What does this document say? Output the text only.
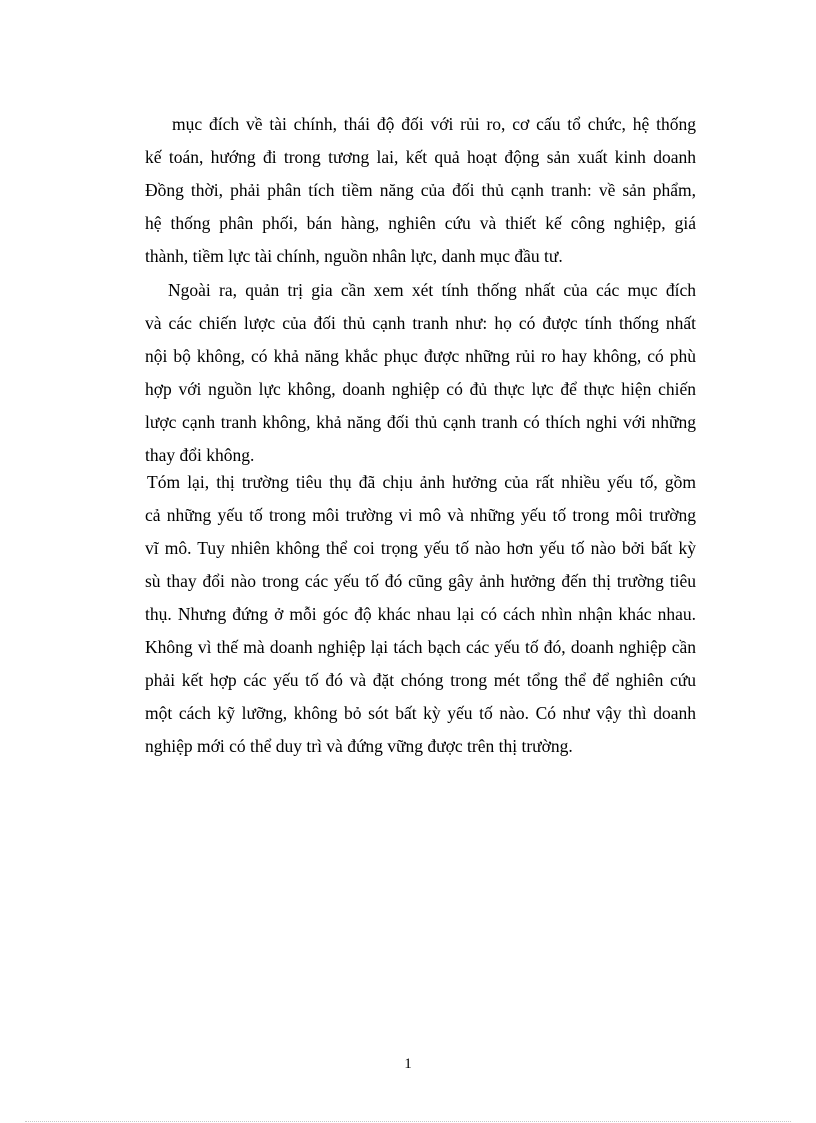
mục đích về tài chính, thái độ đối với rủi ro, cơ cấu tổ chức, hệ thống
kế toán, hướng đi trong tương lai, kết quả hoạt động sản xuất kinh doanh
Đồng thời, phải phân tích tiềm năng của đối thủ cạnh tranh: về sản phẩm,
hệ thống phân phối, bán hàng, nghiên cứu và thiết kế công nghiệp, giá
thành, tiềm lực tài chính, nguồn nhân lực, danh mục đầu tư.
Ngoài ra, quản trị gia cần xem xét tính thống nhất của các mục đích
và các chiến lược của đối thủ cạnh tranh như: họ có được tính thống nhất
nội bộ không, có khả năng khắc phục được những rủi ro hay không, có phù
hợp với nguồn lực không, doanh nghiệp có đủ thực lực để thực hiện chiến
lược cạnh tranh không, khả năng đối thủ cạnh tranh có thích nghi với những
thay đổi không.
Tóm lại, thị trường tiêu thụ đã chịu ảnh hưởng của rất nhiều yếu tố, gồm
cả những yếu tố trong môi trường vi mô và những yếu tố trong môi trường
vĩ mô. Tuy nhiên không thể coi trọng yếu tố nào hơn yếu tố nào bởi bất kỳ
sù thay đổi nào trong các yếu tố đó cũng gây ảnh hưởng đến thị trường tiêu
thụ. Nhưng đứng ở mỗi góc độ khác nhau lại có cách nhìn nhận khác nhau.
Không vì thế mà doanh nghiệp lại tách bạch các yếu tố đó, doanh nghiệp cần
phải kết hợp các yếu tố đó và đặt chóng trong mét tổng thể để nghiên cứu
một cách kỹ lưỡng, không bỏ sót bất kỳ yếu tố nào. Có như vậy thì doanh
nghiệp mới có thể duy trì và đứng vững được trên thị trường.
1
